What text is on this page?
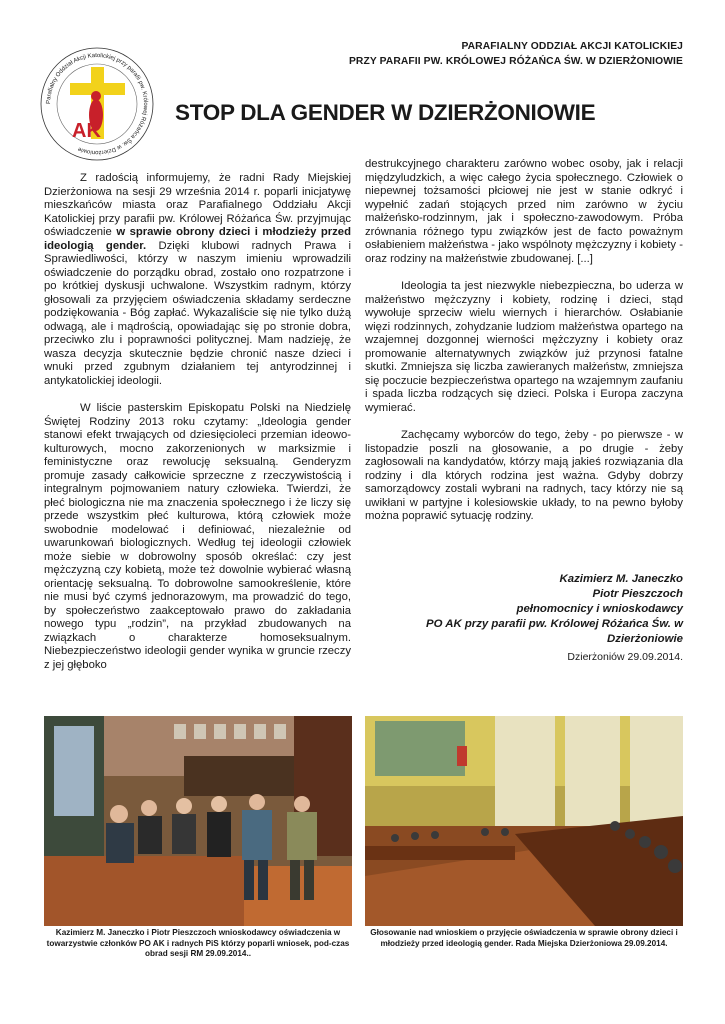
Parafialny Oddział Akcji Katolickiej przy parafii pw. Królowej Różańca Św. w Dzierżoniowie
AK
PARAFIALNY ODDZIAŁ AKCJI KATOLICKIEJ
PRZY PARAFII PW. KRÓLOWEJ RÓŻAŃCA ŚW. W DZIERŻONIOWIE
STOP DLA GENDER W DZIERŻONIOWIE

Z radością informujemy, że radni Rady Miejskiej Dzierżoniowa na sesji 29 września 2014 r. poparli inicjatywę mieszkańców miasta oraz Parafialnego Oddziału Akcji Katolickiej przy parafii pw. Królowej Różańca Św. przyjmując oświadczenie w sprawie obrony dzieci i młodzieży przed ideologią gender. Dzięki klubowi radnych Prawa i Sprawiedliwości, którzy w naszym imieniu wprowadzili oświadczenie do porządku obrad, zostało ono rozpatrzone i po krótkiej dyskusji uchwalone. Wszystkim radnym, którzy głosowali za przyjęciem oświadczenia składamy serdeczne podziękowania - Bóg zapłać. Wykazaliście się nie tylko dużą odwagą, ale i mądrością, opowiadając się po stronie dobra, przeciwko zlu i poprawności politycznej. Mam nadzieję, że wasza decyzja skutecznie będzie chronić nasze dzieci i wnuki przed zgubnym działaniem tej antyrodzinnej i antykatolickiej ideologii.

W liście pasterskim Episkopatu Polski na Niedzielę Świętej Rodziny 2013 roku czytamy: „Ideologia gender stanowi efekt trwających od dziesięcioleci przemian ideowo-kulturowych, mocno zakorzenionych w marksizmie i feministyczne oraz rewolucję seksualną. Genderyzm promuje zasady całkowicie sprzeczne z rzeczywistością i integralnym pojmowaniem natury człowieka. Twierdzi, że płeć biologiczna nie ma znaczenia społecznego i że liczy się przede wszystkim płeć kulturowa, którą człowiek może swobodnie modelować i definiować, niezależnie od uwarunkowań biologicznych. Według tej ideologii człowiek może siebie w dobrowolny sposób określać: czy jest mężczyzną czy kobietą, może też dowolnie wybierać własną orientację seksualną. To dobrowolne samookreślenie, które nie musi być czymś jednorazowym, ma prowadzić do tego, by społeczeństwo zaakceptowało prawo do zakładania nowego typu „rodzin”, na przykład zbudowanych na związkach o charakterze homoseksualnym. Niebezpieczeństwo ideologii gender wynika w gruncie rzeczy z jej głęboko

destrukcyjnego charakteru zarówno wobec osoby, jak i relacji międzyludzkich, a więc całego życia społecznego. Człowiek o niepewnej tożsamości płciowej nie jest w stanie odkryć i wypełnić zadań stojących przed nim zarówno w życiu małżeńsko-rodzinnym, jak i społeczno-zawodowym. Próba zrównania różnego typu związków jest de facto poważnym osłabieniem małżeństwa - jako wspólnoty mężczyzny i kobiety - oraz rodziny na małżeństwie zbudowanej. [...]

Ideologia ta jest niezwykle niebezpieczna, bo uderza w małżeństwo mężczyzny i kobiety, rodzinę i dzieci, stąd wywołuje sprzeciw wielu wiernych i hierarchów. Osłabianie więzi rodzinnych, zohydzanie ludziom małżeństwa opartego na wzajemnej dozgonnej wierności mężczyzny i kobiety oraz promowanie alternatywnych związków już przynosi fatalne skutki. Zmniejsza się liczba zawieranych małżeństw, zmniejsza się poczucie bezpieczeństwa opartego na wzajemnym zaufaniu i spada liczba rodzących się dzieci. Polska i Europa zaczyna wymierać.

Zachęcamy wyborców do tego, żeby - po pierwsze - w listopadzie poszli na głosowanie, a po drugie - żeby zagłosowali na kandydatów, którzy mają jakieś rozwiązania dla rodziny i dla których rodzina jest ważna. Gdyby dobrzy samorządowcy zostali wybrani na radnych, tacy którzy nie są uwikłani w partyjne i kolesiowskie układy, to na pewno byłoby można poprawić sytuację rodziny.

Kazimierz M. Janeczko
Piotr Pieszczoch
pełnomocnicy i wnioskodawcy
PO AK przy parafii pw. Królowej Różańca Św. w
Dzierżoniowie
Dzierżoniów 29.09.2014.
Kazimierz M. Janeczko i Piotr Pieszczoch wnioskodawcy oświadczenia w towarzystwie członków PO AK i radnych PiS którzy poparli wniosek, pod-czas obrad sesji RM 29.09.2014..
Głosowanie nad wnioskiem o przyjęcie oświadczenia w sprawie obrony dzieci i młodzieży przed ideologią gender. Rada Miejska Dzierżoniowa 29.09.2014.
